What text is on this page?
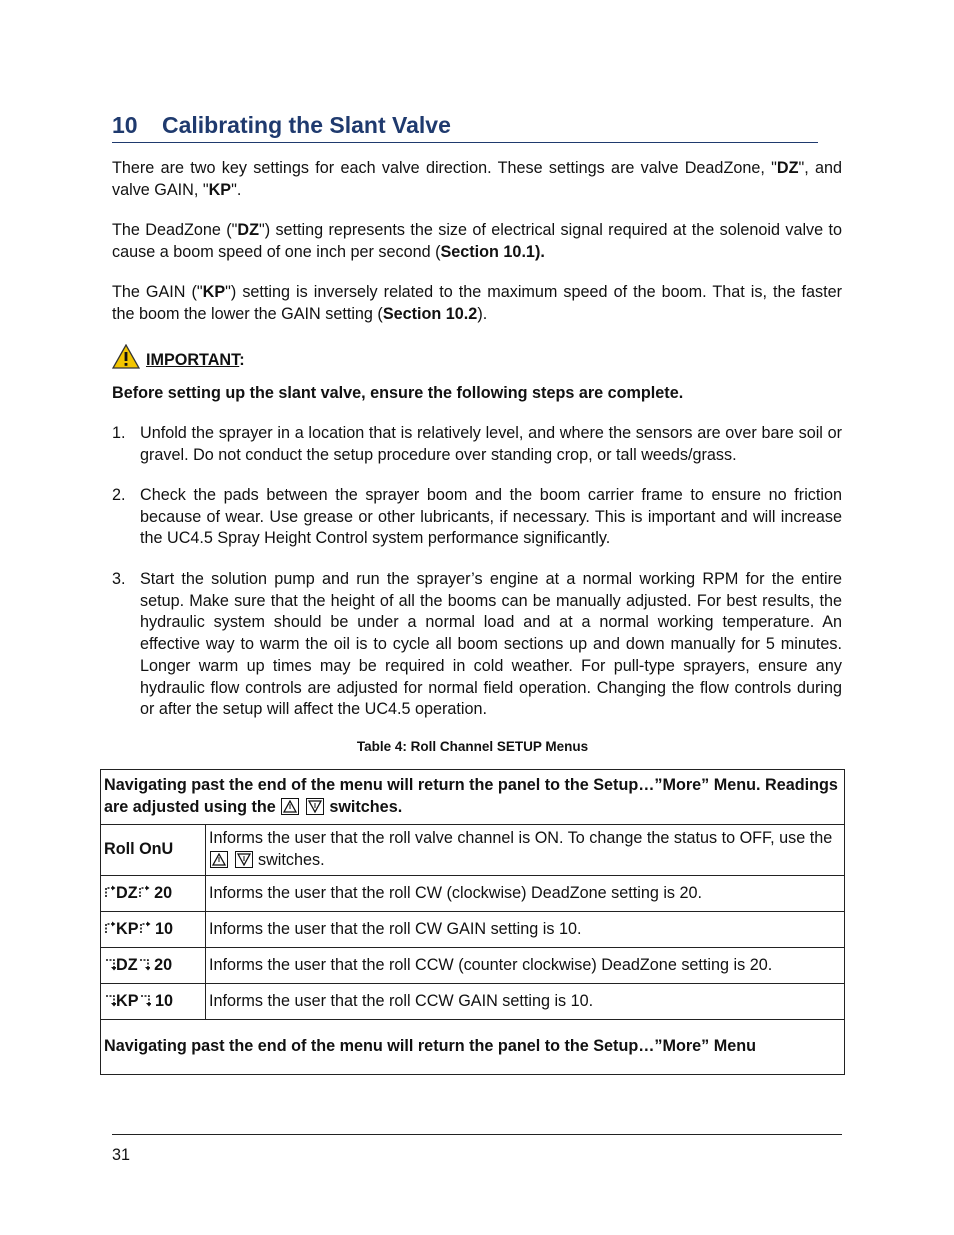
10 Calibrating the Slant Valve

There are two key settings for each valve direction. These settings are valve DeadZone, "DZ", and valve GAIN, "KP".

The DeadZone ("DZ") setting represents the size of electrical signal required at the solenoid valve to cause a boom speed of one inch per second (Section 10.1).

The GAIN ("KP") setting is inversely related to the maximum speed of the boom. That is, the faster the boom the lower the GAIN setting (Section 10.2).

IMPORTANT:

Before setting up the slant valve, ensure the following steps are complete.

1. Unfold the sprayer in a location that is relatively level, and where the sensors are over bare soil or gravel. Do not conduct the setup procedure over standing crop, or tall weeds/grass.
2. Check the pads between the sprayer boom and the boom carrier frame to ensure no friction because of wear. Use grease or other lubricants, if necessary. This is important and will increase the UC4.5 Spray Height Control system performance significantly.
3. Start the solution pump and run the sprayer’s engine at a normal working RPM for the entire setup. Make sure that the height of all the booms can be manually adjusted. For best results, the hydraulic system should be under a normal load and at a normal working temperature. An effective way to warm the oil is to cycle all boom sections up and down manually for 5 minutes. Longer warm up times may be required in cold weather. For pull-type sprayers, ensure any hydraulic flow controls are adjusted for normal field operation. Changing the flow controls during or after the setup will affect the UC4.5 operation.
Table 4: Roll Channel SETUP Menus
Navigating past the end of the menu will return the panel to the Setup…”More” Menu. Readings are adjusted using the
switches.	
Roll OnU	Informs the user that the roll valve channel is ON. To change the status to OFF, use the

switches.
DZ 20	Informs the user that the roll CW (clockwise) DeadZone setting is 20.
KP 10	Informs the user that the roll CW GAIN setting is 10.
DZ 20	Informs the user that the roll CCW (counter clockwise) DeadZone setting is 20.
KP 10	Informs the user that the roll CCW GAIN setting is 10.
Navigating past the end of the menu will return the panel to the Setup…”More” Menu	
31
